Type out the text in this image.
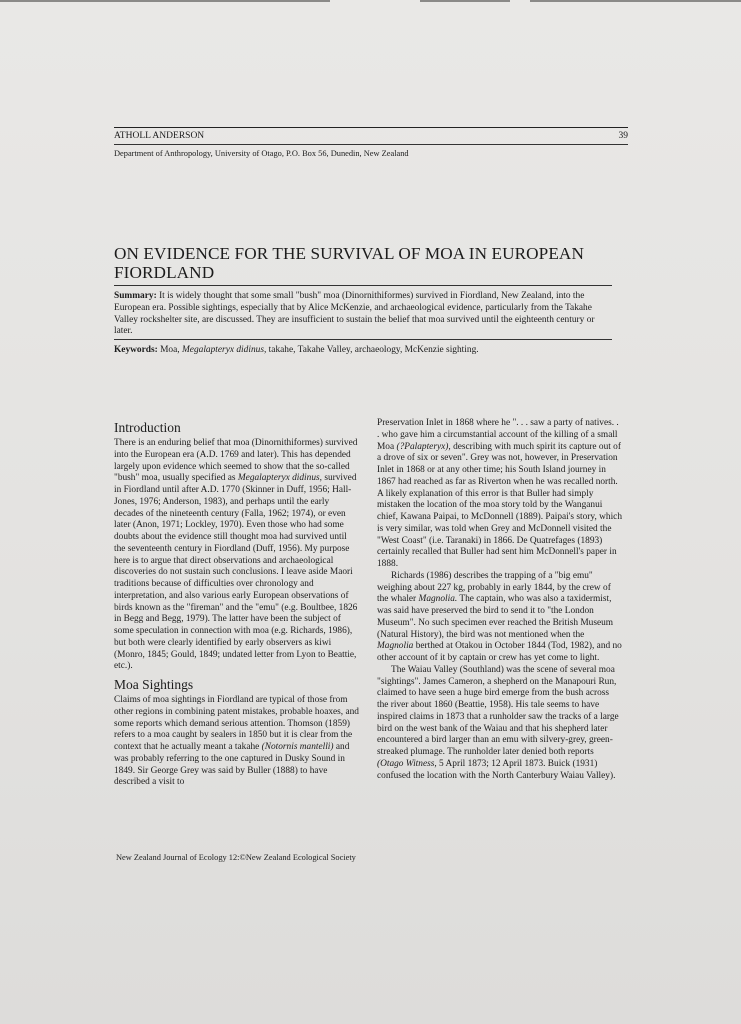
ATHOLL ANDERSON	39
Department of Anthropology, University of Otago, P.O. Box 56, Dunedin, New Zealand
ON EVIDENCE FOR THE SURVIVAL OF MOA IN EUROPEAN FIORDLAND
Summary: It is widely thought that some small "bush" moa (Dinornithiformes) survived in Fiordland, New Zealand, into the European era. Possible sightings, especially that by Alice McKenzie, and archaeological evidence, particularly from the Takahe Valley rockshelter site, are discussed. They are insufficient to sustain the belief that moa survived until the eighteenth century or later.
Keywords: Moa, Megalapteryx didinus, takahe, Takahe Valley, archaeology, McKenzie sighting.
Introduction

There is an enduring belief that moa (Dinornithiformes) survived into the European era (A.D. 1769 and later). This has depended largely upon evidence which seemed to show that the so-called "bush" moa, usually specified as Megalapteryx didinus, survived in Fiordland until after A.D. 1770 (Skinner in Duff, 1956; Hall-Jones, 1976; Anderson, 1983), and perhaps until the early decades of the nineteenth century (Falla, 1962; 1974), or even later (Anon, 1971; Lockley, 1970). Even those who had some doubts about the evidence still thought moa had survived until the seventeenth century in Fiordland (Duff, 1956). My purpose here is to argue that direct observations and archaeological discoveries do not sustain such conclusions. I leave aside Maori traditions because of difficulties over chronology and interpretation, and also various early European observations of birds known as the "fireman" and the "emu" (e.g. Boultbee, 1826 in Begg and Begg, 1979). The latter have been the subject of some speculation in connection with moa (e.g. Richards, 1986), but both were clearly identified by early observers as kiwi (Monro, 1845; Gould, 1849; undated letter from Lyon to Beattie, etc.).

Moa Sightings

Claims of moa sightings in Fiordland are typical of those from other regions in combining patent mistakes, probable hoaxes, and some reports which demand serious attention. Thomson (1859) refers to a moa caught by sealers in 1850 but it is clear from the context that he actually meant a takahe (Notornis mantelli) and was probably referring to the one captured in Dusky Sound in 1849. Sir George Grey was said by Buller (1888) to have described a visit to

Preservation Inlet in 1868 where he ". . . saw a party of natives. . . who gave him a circumstantial account of the killing of a small Moa (?Palapteryx), describing with much spirit its capture out of a drove of six or seven". Grey was not, however, in Preservation Inlet in 1868 or at any other time; his South Island journey in 1867 had reached as far as Riverton when he was recalled north. A likely explanation of this error is that Buller had simply mistaken the location of the moa story told by the Wanganui chief, Kawana Paipai, to McDonnell (1889). Paipai's story, which is very similar, was told when Grey and McDonnell visited the "West Coast" (i.e. Taranaki) in 1866. De Quatrefages (1893) certainly recalled that Buller had sent him McDonnell's paper in 1888.

Richards (1986) describes the trapping of a "big emu" weighing about 227 kg, probably in early 1844, by the crew of the whaler Magnolia. The captain, who was also a taxidermist, was said have preserved the bird to send it to "the London Museum". No such specimen ever reached the British Museum (Natural History), the bird was not mentioned when the Magnolia berthed at Otakou in October 1844 (Tod, 1982), and no other account of it by captain or crew has yet come to light.

The Waiau Valley (Southland) was the scene of several moa "sightings". James Cameron, a shepherd on the Manapouri Run, claimed to have seen a huge bird emerge from the bush across the river about 1860 (Beattie, 1958). His tale seems to have inspired claims in 1873 that a runholder saw the tracks of a large bird on the west bank of the Waiau and that his shepherd later encountered a bird larger than an emu with silvery-grey, green-streaked plumage. The runholder later denied both reports (Otago Witness, 5 April 1873; 12 April 1873. Buick (1931) confused the location with the North Canterbury Waiau Valley).

New Zealand Journal of Ecology 12:©New Zealand Ecological Society
